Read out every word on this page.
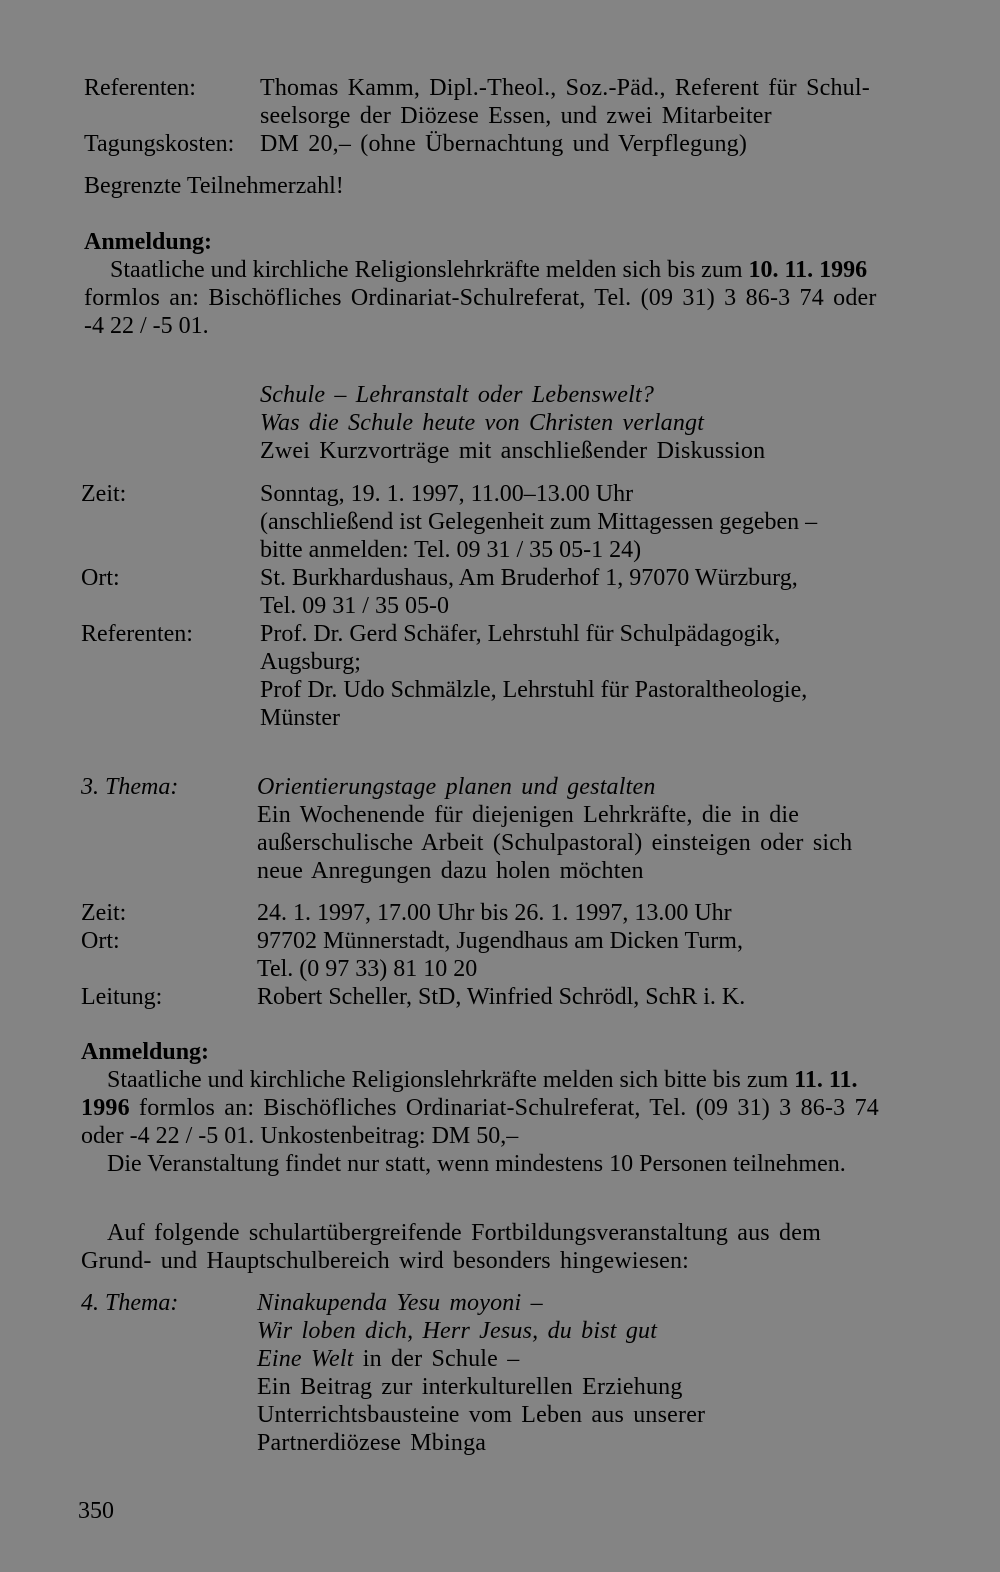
Referenten:	Thomas Kamm, Dipl.-Theol., Soz.-Päd., Referent für Schul-
seelsorge der Diözese Essen, und zwei Mitarbeiter
Tagungskosten: DM 20,– (ohne Übernachtung und Verpflegung)
Begrenzte Teilnehmerzahl!
Anmeldung:
Staatliche und kirchliche Religionslehrkräfte melden sich bis zum 10. 11. 1996
formlos an: Bischöfliches Ordinariat-Schulreferat, Tel. (09 31) 3 86-3 74 oder
-4 22 / -5 01.
Schule – Lehranstalt oder Lebenswelt?
Was die Schule heute von Christen verlangt
Zwei Kurzvorträge mit anschließender Diskussion
Zeit:	Sonntag, 19. 1. 1997, 11.00–13.00 Uhr
(anschließend ist Gelegenheit zum Mittagessen gegeben –
bitte anmelden: Tel. 09 31 / 35 05-1 24)
Ort:	St. Burkhardushaus, Am Bruderhof 1, 97070 Würzburg,
Tel. 09 31 / 35 05-0
Referenten:	Prof. Dr. Gerd Schäfer, Lehrstuhl für Schulpädagogik,
Augsburg;
Prof Dr. Udo Schmälzle, Lehrstuhl für Pastoraltheologie,
Münster
3. Thema:	Orientierungstage planen und gestalten
Ein Wochenende für diejenigen Lehrkräfte, die in die
außerschulische Arbeit (Schulpastoral) einsteigen oder sich
neue Anregungen dazu holen möchten
Zeit:	24. 1. 1997, 17.00 Uhr bis 26. 1. 1997, 13.00 Uhr
Ort:	97702 Münnerstadt, Jugendhaus am Dicken Turm,
Tel. (0 97 33) 81 10 20
Leitung:	Robert Scheller, StD, Winfried Schrödl, SchR i. K.
Anmeldung:
Staatliche und kirchliche Religionslehrkräfte melden sich bitte bis zum 11. 11.
1996 formlos an: Bischöfliches Ordinariat-Schulreferat, Tel. (09 31) 3 86-3 74
oder -4 22 / -5 01. Unkostenbeitrag: DM 50,–
Die Veranstaltung findet nur statt, wenn mindestens 10 Personen teilnehmen.
Auf folgende schulartübergreifende Fortbildungsveranstaltung aus dem
Grund- und Hauptschulbereich wird besonders hingewiesen:
4. Thema:	Ninakupenda Yesu moyoni –
Wir loben dich, Herr Jesus, du bist gut
Eine Welt in der Schule –
Ein Beitrag zur interkulturellen Erziehung
Unterrichtsbausteine vom Leben aus unserer
Partnerdiözese Mbinga
350
